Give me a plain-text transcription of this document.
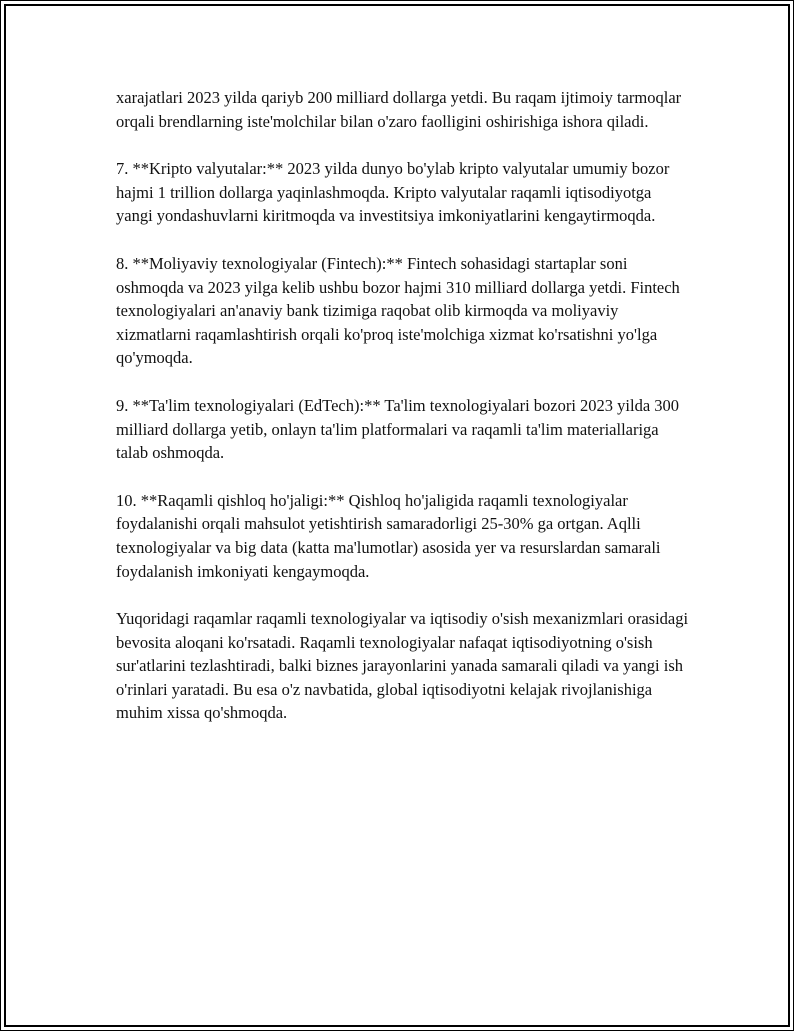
xarajatlari 2023 yilda qariyb 200 milliard dollarga yetdi. Bu raqam ijtimoiy tarmoqlar orqali brendlarning iste'molchilar bilan o'zaro faolligini oshirishiga ishora qiladi.

7. **Kripto valyutalar:** 2023 yilda dunyo bo'ylab kripto valyutalar umumiy bozor hajmi 1 trillion dollarga yaqinlashmoqda. Kripto valyutalar raqamli iqtisodiyotga yangi yondashuvlarni kiritmoqda va investitsiya imkoniyatlarini kengaytirmoqda.

8. **Moliyaviy texnologiyalar (Fintech):** Fintech sohasidagi startaplar soni oshmoqda va 2023 yilga kelib ushbu bozor hajmi 310 milliard dollarga yetdi. Fintech texnologiyalari an'anaviy bank tizimiga raqobat olib kirmoqda va moliyaviy xizmatlarni raqamlashtirish orqali ko'proq iste'molchiga xizmat ko'rsatishni yo'lga qo'ymoqda.

9. **Ta'lim texnologiyalari (EdTech):** Ta'lim texnologiyalari bozori 2023 yilda 300 milliard dollarga yetib, onlayn ta'lim platformalari va raqamli ta'lim materiallariga talab oshmoqda.

10. **Raqamli qishloq ho'jaligi:** Qishloq ho'jaligida raqamli texnologiyalar foydalanishi orqali mahsulot yetishtirish samaradorligi 25-30% ga ortgan. Aqlli texnologiyalar va big data (katta ma'lumotlar) asosida yer va resurslardan samarali foydalanish imkoniyati kengaymoqda.

Yuqoridagi raqamlar raqamli texnologiyalar va iqtisodiy o'sish mexanizmlari orasidagi bevosita aloqani ko'rsatadi. Raqamli texnologiyalar nafaqat iqtisodiyotning o'sish sur'atlarini tezlashtiradi, balki biznes jarayonlarini yanada samarali qiladi va yangi ish o'rinlari yaratadi. Bu esa o'z navbatida, global iqtisodiyotni kelajak rivojlanishiga muhim xissa qo'shmoqda.
